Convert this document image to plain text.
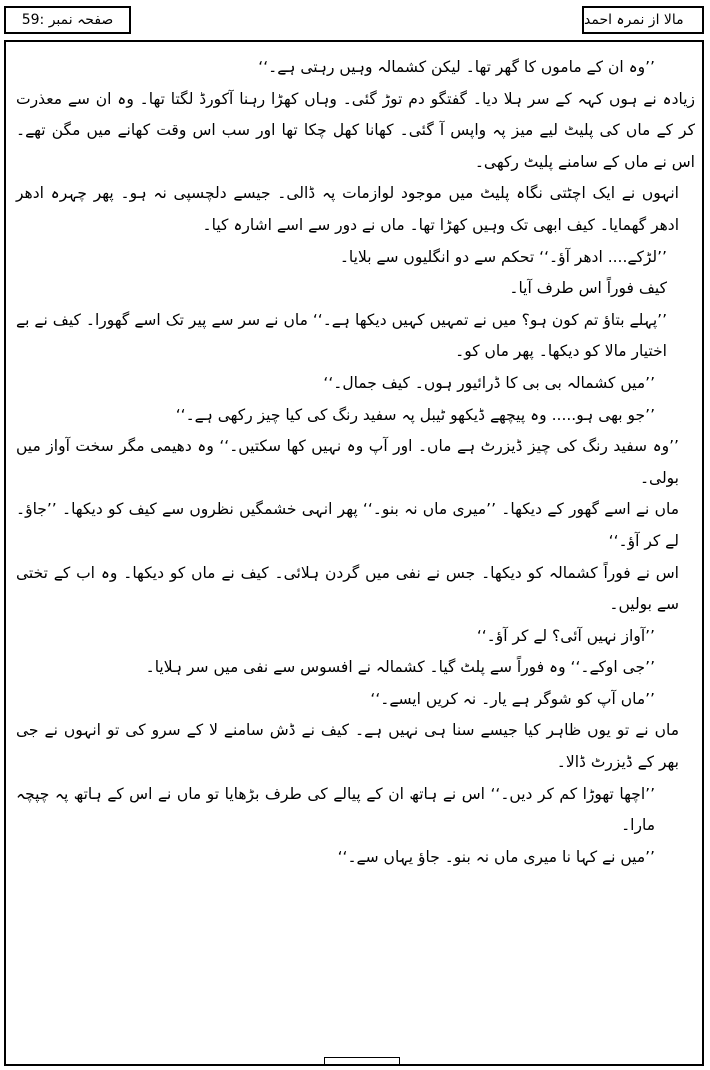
صفحہ نمبر :59	مالا از نمرہ احمد

’’وہ ان کے ماموں کا گھر تھا۔ لیکن کشمالہ وہیں رہتی ہے۔‘‘

زیادہ نے ہوں کہہ کے سر ہلا دیا۔ گفتگو دم توڑ گئی۔ وہاں کھڑا رہنا آکورڈ لگتا تھا۔ وہ ان سے معذرت کر کے ماں کی پلیٹ لیے میز پہ واپس آ گئی۔ کھانا کھل چکا تھا اور سب اس وقت کھانے میں مگن تھے۔ اس نے ماں کے سامنے پلیٹ رکھی۔

انہوں نے ایک اچٹتی نگاہ پلیٹ میں موجود لوازمات پہ ڈالی۔ جیسے دلچسپی نہ ہو۔ پھر چہرہ ادھر ادھر گھمایا۔ کیف ابھی تک وہیں کھڑا تھا۔ ماں نے دور سے اسے اشارہ کیا۔

’’لڑکے.... ادھر آؤ۔‘‘ تحکم سے دو انگلیوں سے بلایا۔

کیف فوراً اس طرف آیا۔

’’پہلے بتاؤ تم کون ہو؟ میں نے تمہیں کہیں دیکھا ہے۔‘‘ ماں نے سر سے پیر تک اسے گھورا۔ کیف نے بے اختیار مالا کو دیکھا۔ پھر ماں کو۔

’’میں کشمالہ بی بی کا ڈرائیور ہوں۔ کیف جمال۔‘‘

’’جو بھی ہو..... وہ پیچھے ڈیکھو ٹیبل پہ سفید رنگ کی کیا چیز رکھی ہے۔‘‘

’’وہ سفید رنگ کی چیز ڈیزرٹ ہے ماں۔ اور آپ وہ نہیں کھا سکتیں۔‘‘ وہ دھیمی مگر سخت آواز میں بولی۔

ماں نے اسے گھور کے دیکھا۔ ’’میری ماں نہ بنو۔‘‘ پھر انہی خشمگیں نظروں سے کیف کو دیکھا۔ ’’جاؤ۔ لے کر آؤ۔‘‘

اس نے فوراً کشمالہ کو دیکھا۔ جس نے نفی میں گردن ہلائی۔ کیف نے ماں کو دیکھا۔ وہ اب کے تختی سے بولیں۔

’’آواز نہیں آئی؟ لے کر آؤ۔‘‘

’’جی اوکے۔‘‘ وہ فوراً سے پلٹ گیا۔ کشمالہ نے افسوس سے نفی میں سر ہلایا۔

’’ماں آپ کو شوگر ہے یار۔ نہ کریں ایسے۔‘‘

ماں نے تو یوں ظاہر کیا جیسے سنا ہی نہیں ہے۔ کیف نے ڈش سامنے لا کے سرو کی تو انہوں نے جی بھر کے ڈیزرٹ ڈالا۔

’’اچھا تھوڑا کم کر دیں۔‘‘ اس نے ہاتھ ان کے پیالے کی طرف بڑھایا تو ماں نے اس کے ہاتھ پہ چپچہ مارا۔

’’میں نے کہا نا میری ماں نہ بنو۔ جاؤ یہاں سے۔‘‘
